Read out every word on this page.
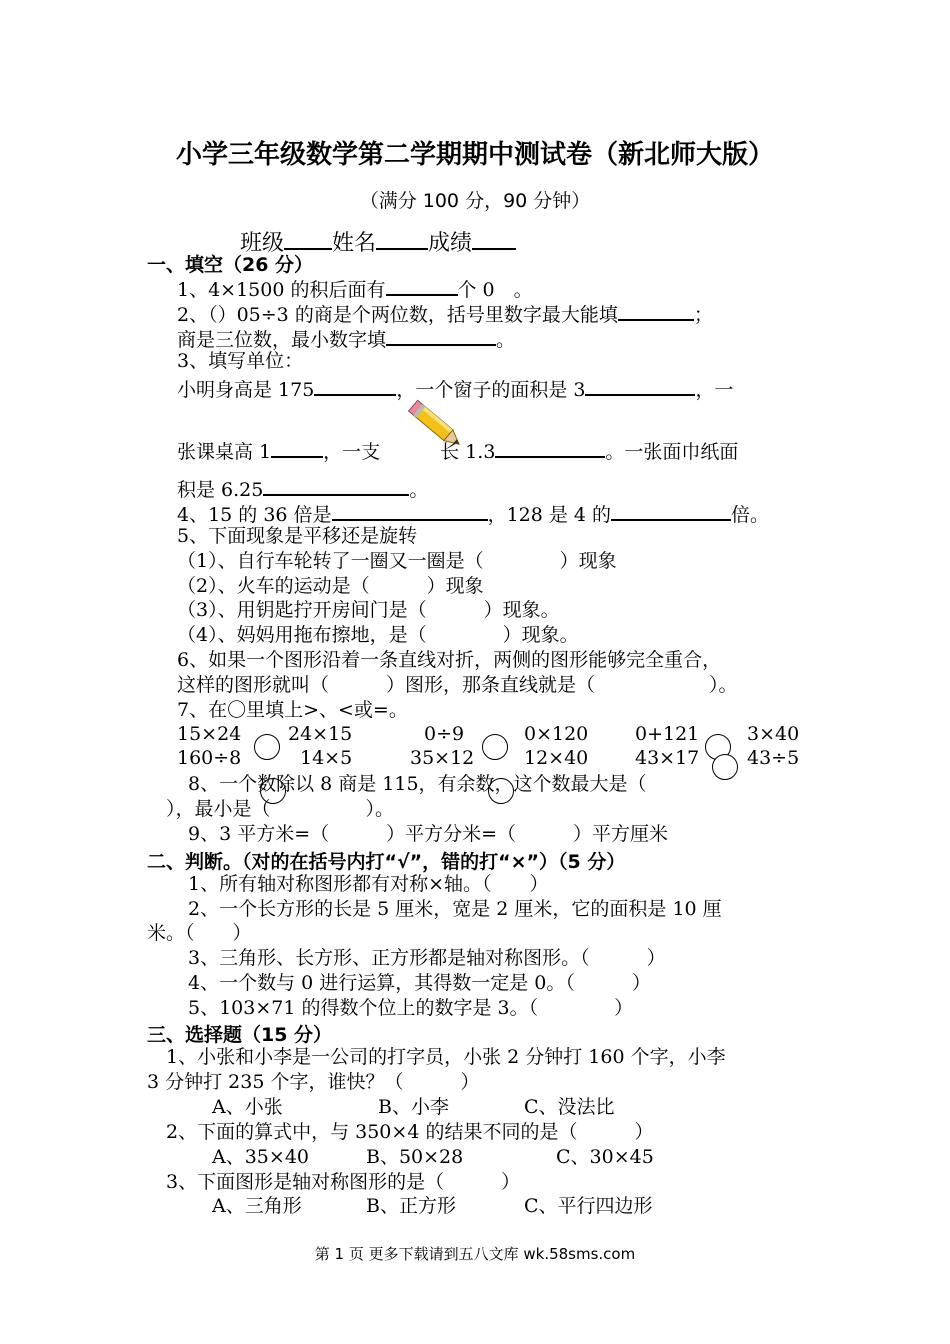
小学三年级数学第二学期期中测试卷（新北师大版）
（满分 100 分，90 分钟）
班级 姓名 成绩
一、填空（26 分）
1、4×1500 的积后面有	个 0　。
2、（）05÷3 的商是个两位数，括号里数字最大能填	；
商是三位数，最小数字填	。
3、填写单位：
小明身高是 175	，一个窗子的面积是 3	，一
张课桌高 1	，一支	长 1.3	。一张面巾纸面
积是 6.25	。
4、15 的 36 倍是	，128 是 4 的	倍。
5、下面现象是平移还是旋转
（1）、自行车轮转了一圈又一圈是（　　　　）现象
（2）、火车的运动是（　　　）现象
（3）、用钥匙拧开房间门是（　　　）现象。
（4）、妈妈用拖布擦地，是（　　　　）现象。
6、如果一个图形沿着一条直线对折，两侧的图形能够完全重合，
这样的图形就叫（　　　）图形，那条直线就是（　　　　　　）。
7、在〇里填上>、<或=。
15×24 24×15	0÷9	0×120 0+121	3×40
160÷8	14×5	35×12	12×40 43×17	43÷5
8、一个数除以 8 商是 115，有余数，这个数最大是（
），最小是（　　　　　）。
9、3 平方米=（　　　）平方分米=（　　　）平方厘米
二、判断。（对的在括号内打“√”，错的打“×”）（5 分）
1、所有轴对称图形都有对称×轴。（　　）
2、一个长方形的长是 5 厘米，宽是 2 厘米，它的面积是 10 厘
米。（　　）
3、三角形、长方形、正方形都是轴对称图形。（　　　）
4、一个数与 0 进行运算，其得数一定是 0。（　　　）
5、103×71 的得数个位上的数字是 3。（　　　　）
三、选择题（15 分）
1、小张和小李是一公司的打字员，小张 2 分钟打 160 个字，小李
3 分钟打 235 个字，谁快？（　　　）
A、小张	B、小李	C、没法比
2、下面的算式中，与 350×4 的结果不同的是（　　　）
A、35×40	B、50×28	C、30×45
3、下面图形是轴对称图形的是（　　　）
A、三角形	B、正方形	C、平行四边形
第 1 页 更多下载请到五八文库 wk.58sms.com
